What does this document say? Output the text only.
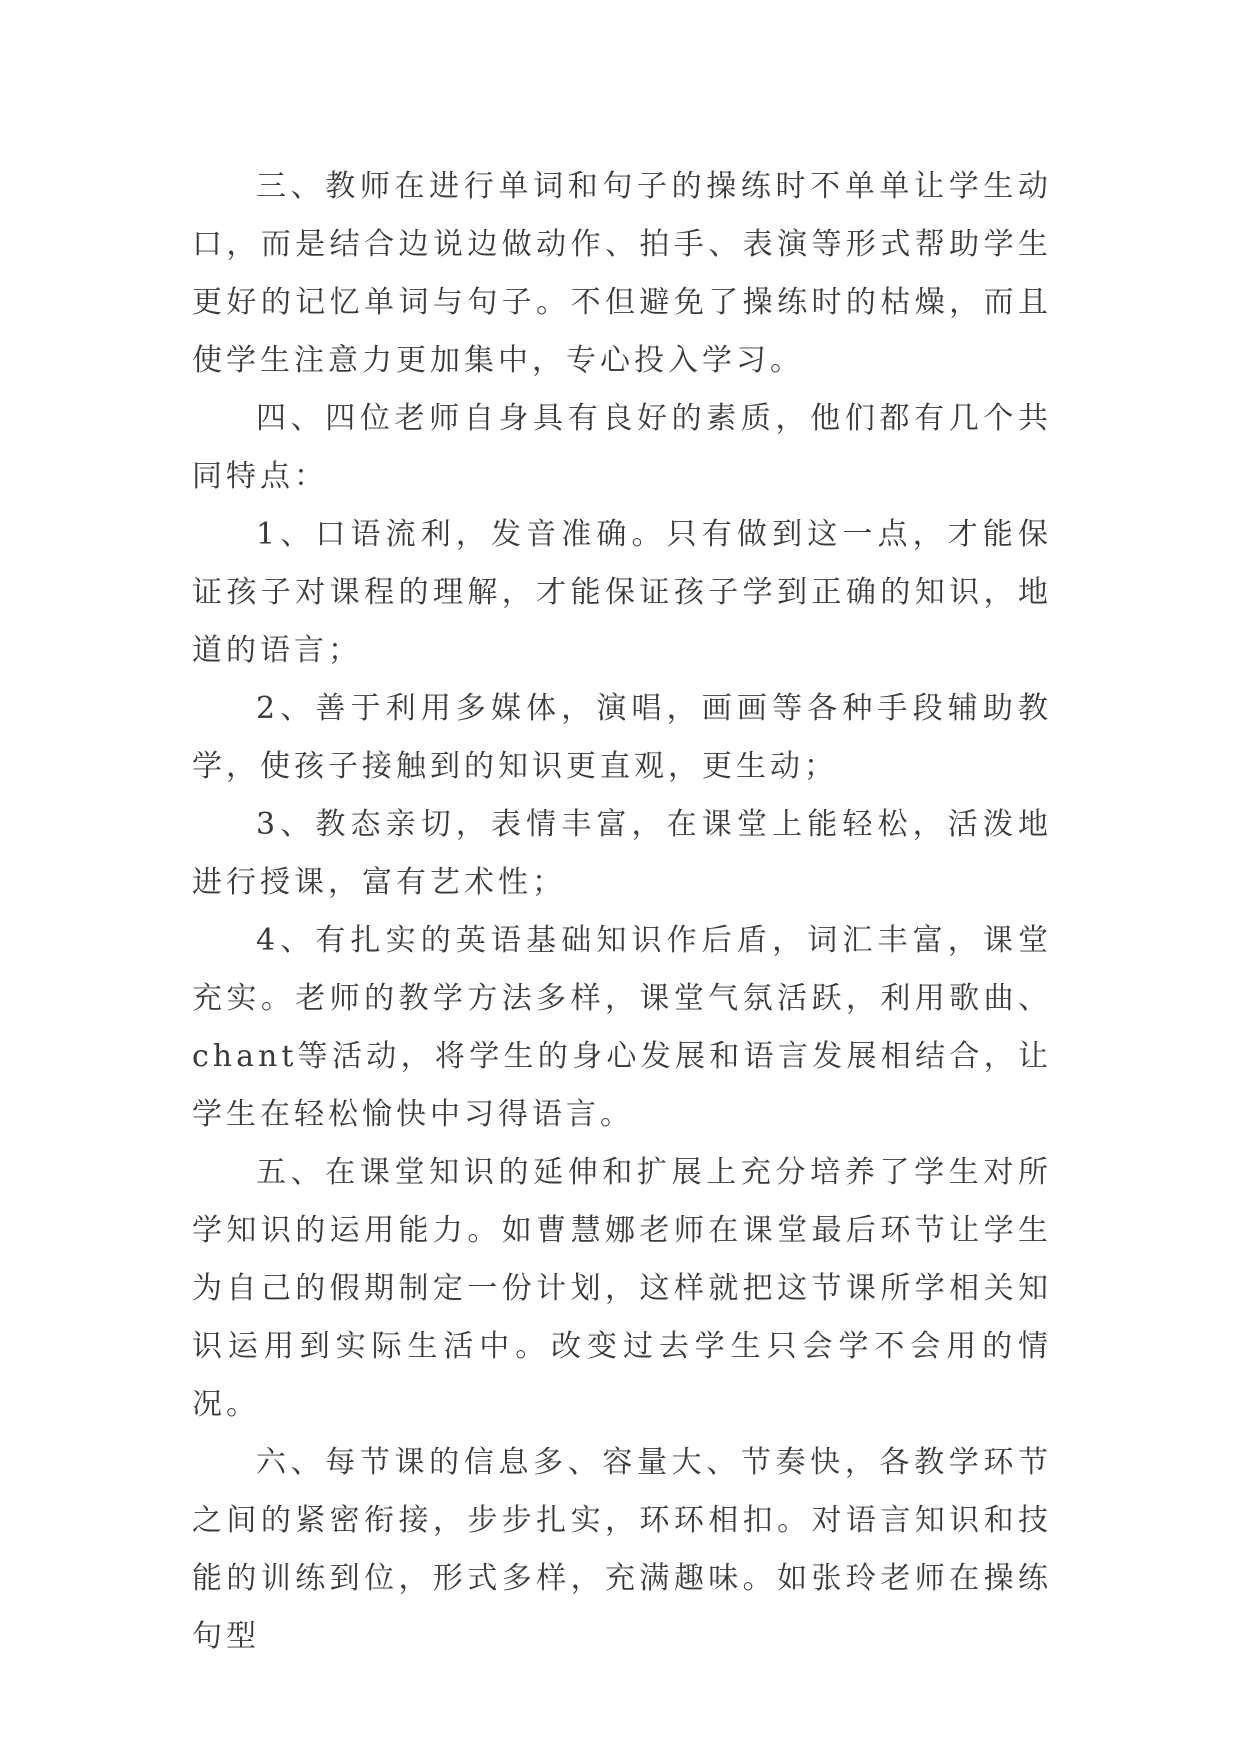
三、教师在进行单词和句子的操练时不单单让学生动口，而是结合边说边做动作、拍手、表演等形式帮助学生更好的记忆单词与句子。不但避免了操练时的枯燥，而且使学生注意力更加集中，专心投入学习。

四、四位老师自身具有良好的素质，他们都有几个共同特点：

1、口语流利，发音准确。只有做到这一点，才能保证孩子对课程的理解，才能保证孩子学到正确的知识，地道的语言；

2、善于利用多媒体，演唱，画画等各种手段辅助教学，使孩子接触到的知识更直观，更生动；

3、教态亲切，表情丰富，在课堂上能轻松，活泼地进行授课，富有艺术性；

4、有扎实的英语基础知识作后盾，词汇丰富，课堂充实。老师的教学方法多样，课堂气氛活跃，利用歌曲、chant等活动，将学生的身心发展和语言发展相结合，让学生在轻松愉快中习得语言。

五、在课堂知识的延伸和扩展上充分培养了学生对所学知识的运用能力。如曹慧娜老师在课堂最后环节让学生为自己的假期制定一份计划，这样就把这节课所学相关知识运用到实际生活中。改变过去学生只会学不会用的情况。

六、每节课的信息多、容量大、节奏快，各教学环节之间的紧密衔接，步步扎实，环环相扣。对语言知识和技能的训练到位，形式多样，充满趣味。如张玲老师在操练句型
